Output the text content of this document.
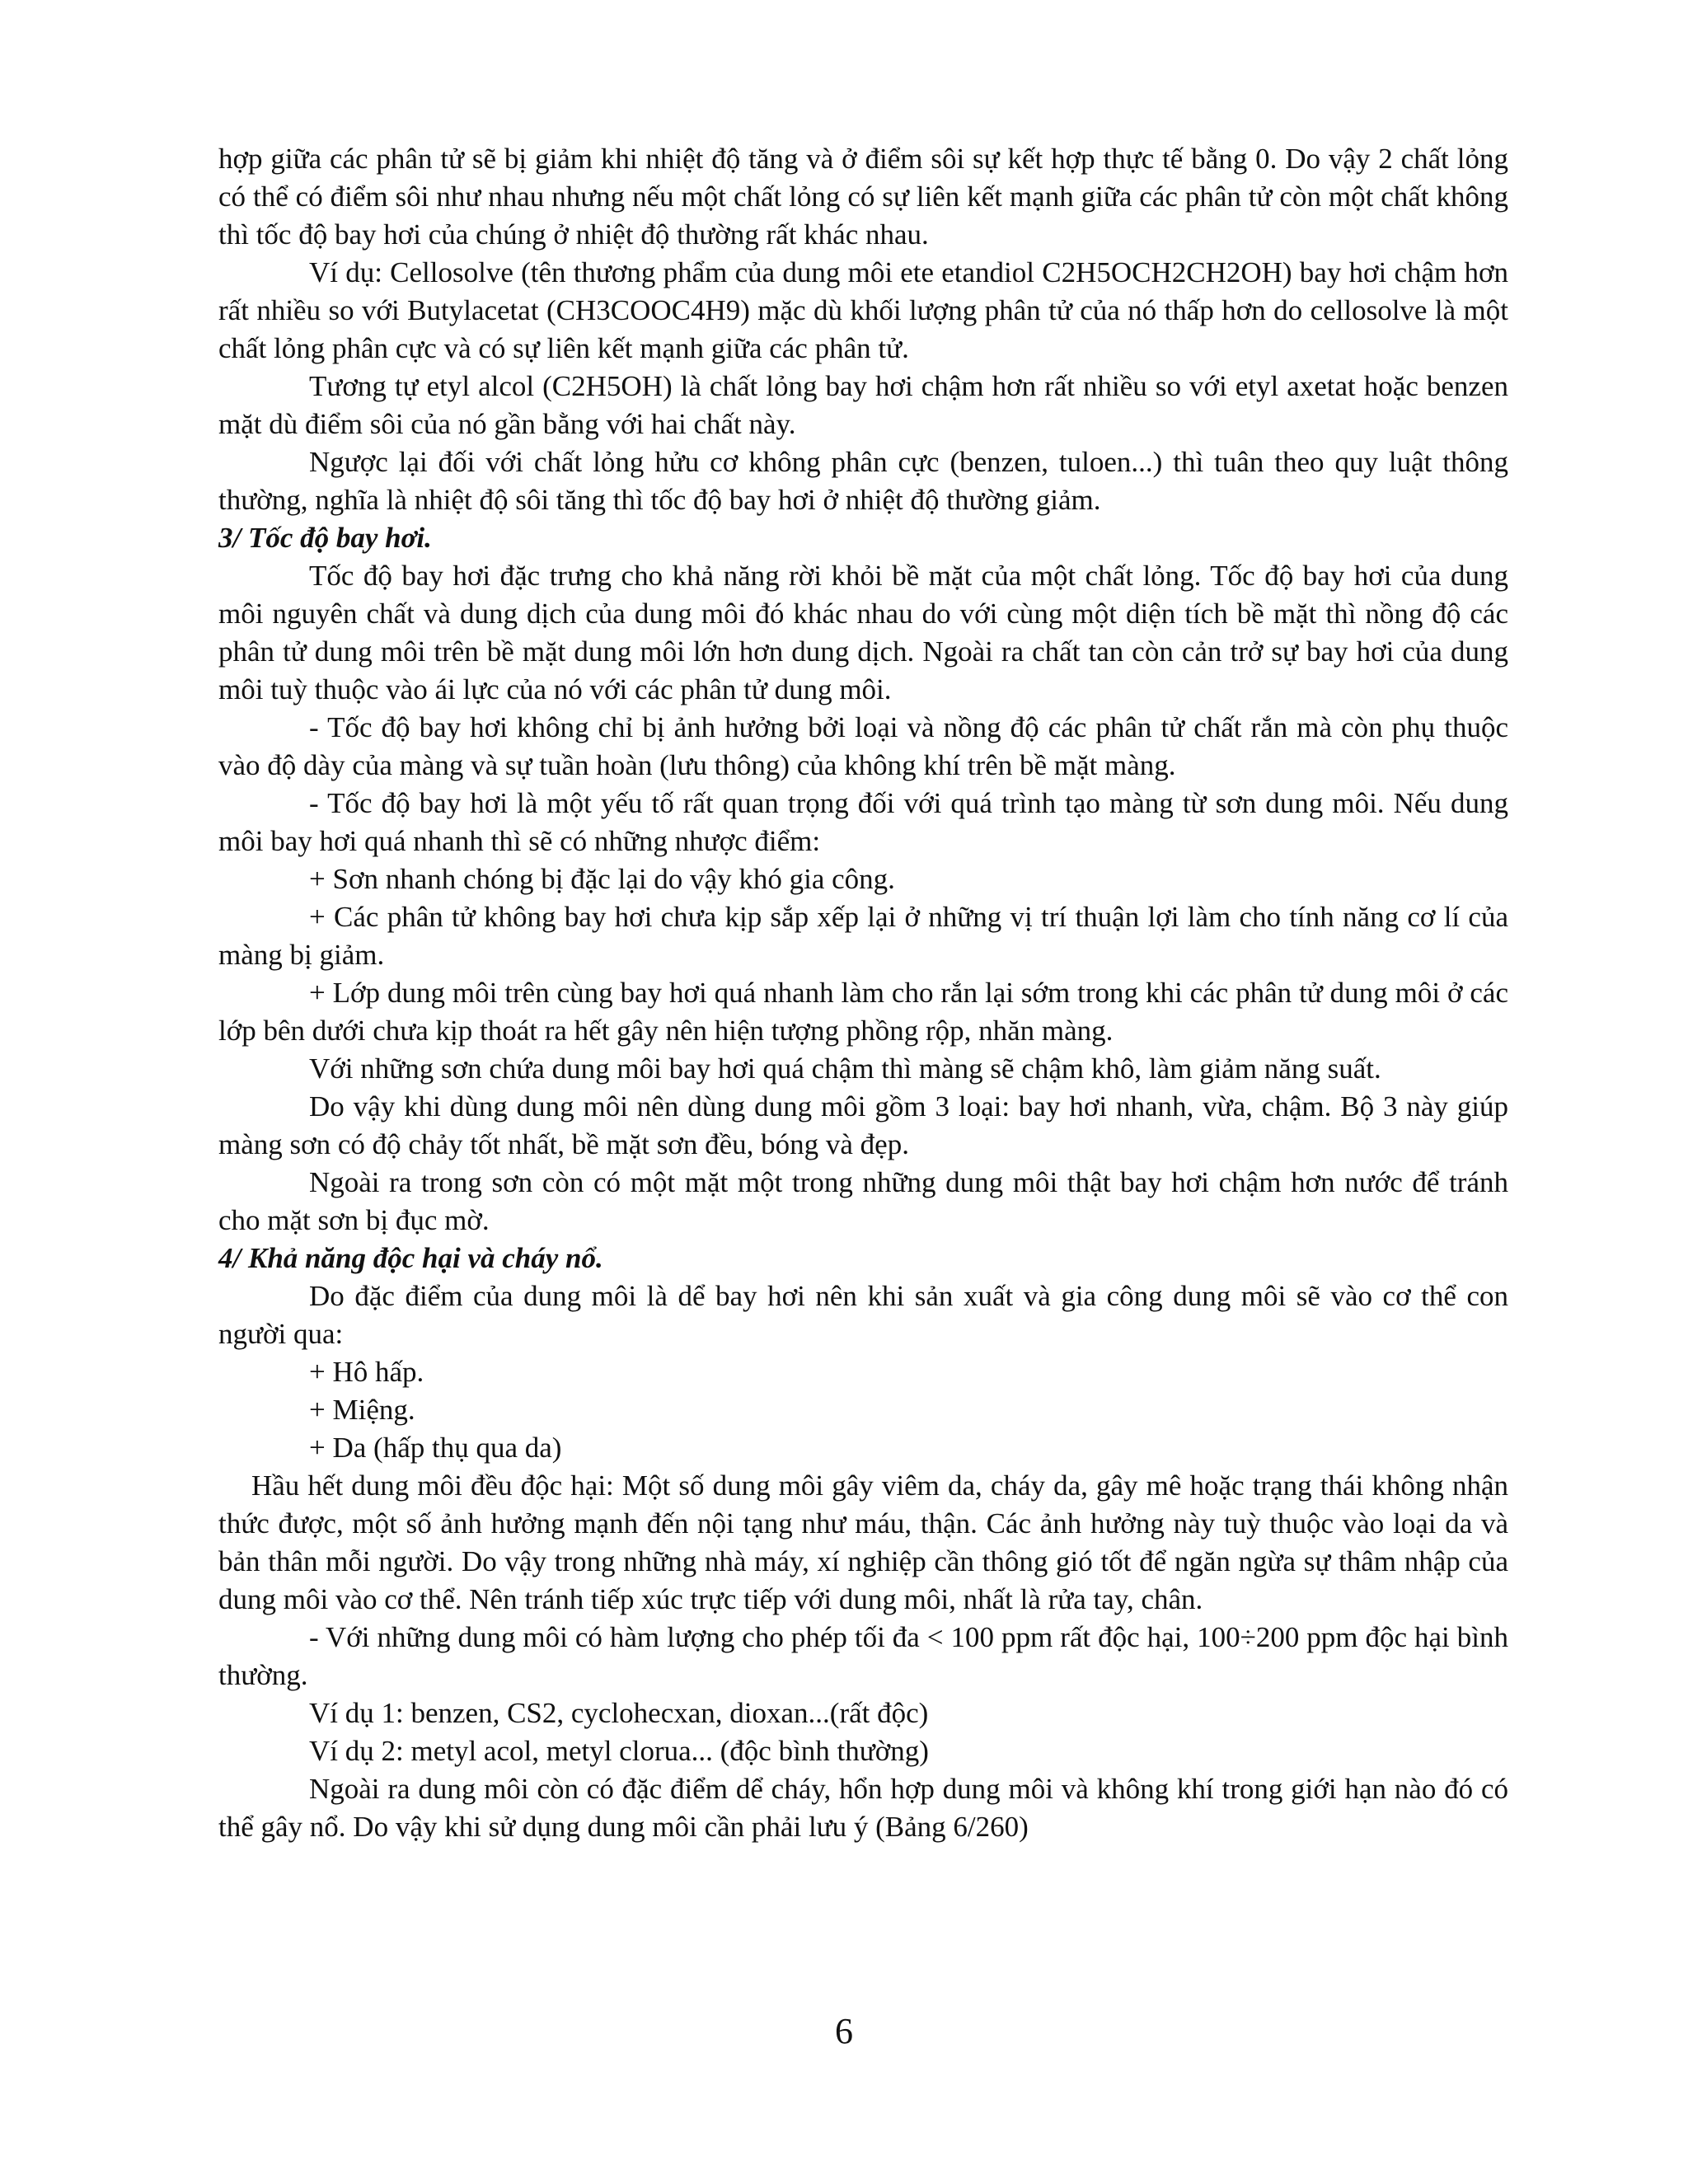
hợp giữa các phân tử sẽ bị giảm khi nhiệt độ tăng và ở điểm sôi sự kết hợp thực tế bằng 0. Do vậy 2 chất lỏng có thể có điểm sôi như nhau nhưng nếu một chất lỏng có sự liên kết mạnh giữa các phân tử còn một chất không thì tốc độ bay hơi của chúng ở nhiệt độ thường rất khác nhau.

Ví dụ: Cellosolve (tên thương phẩm của dung môi ete etandiol C2H5OCH2CH2OH) bay hơi chậm hơn rất nhiều so với Butylacetat (CH3COOC4H9) mặc dù khối lượng phân tử của nó thấp hơn do cellosolve là một chất lỏng phân cực và có sự liên kết mạnh giữa các phân tử.

Tương tự etyl alcol (C2H5OH) là chất lỏng bay hơi chậm hơn rất nhiều so với etyl axetat hoặc benzen mặt dù điểm sôi của nó gần bằng với hai chất này.

Ngược lại đối với chất lỏng hửu cơ không phân cực (benzen, tuloen...) thì tuân theo quy luật thông thường, nghĩa là nhiệt độ sôi tăng thì tốc độ bay hơi ở nhiệt độ thường giảm.

3/ Tốc độ bay hơi.

Tốc độ bay hơi đặc trưng cho khả năng rời khỏi bề mặt của một chất lỏng. Tốc độ bay hơi của dung môi nguyên chất và dung dịch của dung môi đó khác nhau do với cùng một diện tích bề mặt thì nồng độ các phân tử dung môi trên bề mặt dung môi lớn hơn dung dịch. Ngoài ra chất tan còn cản trở sự bay hơi của dung môi tuỳ thuộc vào ái lực của nó với các phân tử dung môi.

- Tốc độ bay hơi không chỉ bị ảnh hưởng bởi loại và nồng độ các phân tử chất rắn mà còn phụ thuộc vào độ dày của màng và sự tuần hoàn (lưu thông) của không khí trên bề mặt màng.

- Tốc độ bay hơi là một yếu tố rất quan trọng đối với quá trình tạo màng từ sơn dung môi. Nếu dung môi bay hơi quá nhanh thì sẽ có những nhược điểm:

+ Sơn nhanh chóng bị đặc lại do vậy khó gia công.

+ Các phân tử không bay hơi chưa kịp sắp xếp lại ở những vị trí thuận lợi làm cho tính năng cơ lí của màng bị giảm.

+ Lớp dung môi trên cùng bay hơi quá nhanh làm cho rắn lại sớm trong khi các phân tử dung môi ở các lớp bên dưới chưa kịp thoát ra hết gây nên hiện tượng phồng rộp, nhăn màng.

Với những sơn chứa dung môi bay hơi quá chậm thì màng sẽ chậm khô, làm giảm năng suất.

Do vậy khi dùng dung môi nên dùng dung môi gồm 3 loại: bay hơi nhanh, vừa, chậm. Bộ 3 này giúp màng sơn có độ chảy tốt nhất, bề mặt sơn đều, bóng và đẹp.

Ngoài ra trong sơn còn có một mặt một trong những dung môi thật bay hơi chậm hơn nước để tránh cho mặt sơn bị đục mờ.

4/ Khả năng độc hại và cháy nổ.

Do đặc điểm của dung môi là dể bay hơi nên khi sản xuất và gia công dung môi sẽ vào cơ thể con người qua:

+ Hô hấp.

+ Miệng.

+ Da (hấp thụ qua da)

Hầu hết dung môi đều độc hại: Một số dung môi gây viêm da, cháy da, gây mê hoặc trạng thái không nhận thức được, một số ảnh hưởng mạnh đến nội tạng như máu, thận. Các ảnh hưởng này tuỳ thuộc vào loại da và bản thân mỗi người. Do vậy trong những nhà máy, xí nghiệp cần thông gió tốt để ngăn ngừa sự thâm nhập của dung môi vào cơ thể. Nên tránh tiếp xúc trực tiếp với dung môi, nhất là rửa tay, chân.

- Với những dung môi có hàm lượng cho phép tối đa < 100 ppm rất độc hại, 100÷200 ppm độc hại bình thường.

Ví dụ 1: benzen, CS2, cyclohecxan, dioxan...(rất độc)

Ví dụ 2: metyl acol, metyl clorua... (độc bình thường)

Ngoài ra dung môi còn có đặc điểm dể cháy, hổn hợp dung môi và không khí trong giới hạn nào đó có thể gây nổ. Do vậy khi sử dụng dung môi cần phải lưu ý (Bảng 6/260)

6
